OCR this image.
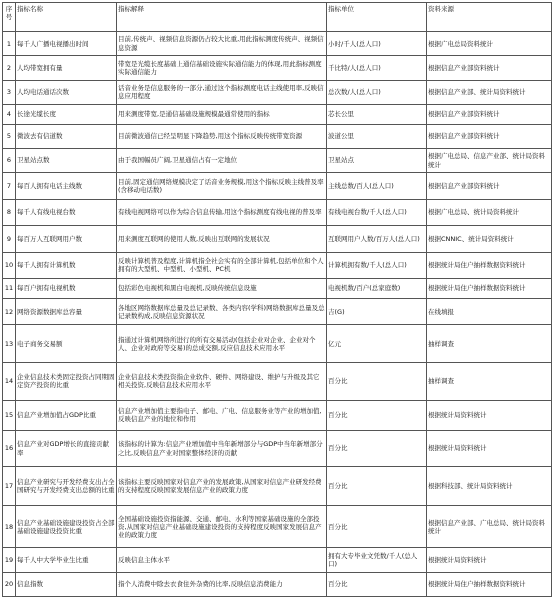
序号	指标名称	指标解释	指标单位	资料来源
1	每千人广播电视播出时间	目前,传统声、视频信息资源仍占较大比重,用此指标测度传统声、视频信息资源	小时/千人(总人口)	根据广电总局资料统计
2	人均带宽拥有量	带宽是光缆长度基础上通信基础设施实际通信能力的体现,用此指标测度实际通信能力	千比特/人(总人口)	根据信息产业部资料统计
3	人均电话通话次数	话音业务是信息服务的一部分,通过这个指标测度电话主线使用率,反映信息应用程度	总次数/人(总人口)	根据信息产业部、统计局资料统计
4	长途光缆长度	用来测度带宽,是通信基础设施规模最通常使用的指标	芯长公里	根据信息产业部资料统计
5	微波去有信道数	目前微波通信已经呈明显下降趋势,用这个指标反映传统带宽资源	波道公里	根据信息产业部资料统计
6	卫星站点数	由于我国幅员广阔,卫星通信占有一定地位	卫星站点	根据广电总局、信息产业部、统计局资料统计
7	每百人拥有电话主线数	目前,固定通信网络规模决定了话音业务规模,用这个指标反映主线普及率(含移动电话数)	主线总数/百人(总人口)	根据信息产业部资料统计
8	每千人有线电视台数	有线电视网络可以作为综合信息传输,用这个指标测度有线电视的普及率	有线电视台数/千人(总人口)	根据广电总局、统计局资料统计
9	每百万人互联网用户数	用来测度互联网的使用人数,反映出互联网的发展状况	互联网用户人数/百万人(总人口)	根据CNNIC、统计局资料统计
10	每千人拥有计算机数	反映计算机普及程度,计算机指全社会实有的全部计算机,包括单位和个人拥有的大型机、中型机、小型机、PC机	计算机拥有数/千人(总人口)	根据统计局住户抽样数据资料统计
11	每百户拥有电视机数	包括彩色电视机和黑白电视机,反映传统信息设施	电视机数/百户(总家庭数)	根据统计局住户抽样数据资料统计
12	网络资源数据库总容量	各地区网络数据库总量及总记录数、各类内容(学科)网络数据库总量及总记录数构成,反映信息资源状况	吉(G)	在线填报
13	电子商务交易额	指通过计算机网络所进行的所有交易活动(包括企业对企业、企业对个人、企业对政府等交易)的总成交额,反应信息技术应用水平	亿元	抽样调查
14	企业信息技术类固定投资占同期固定资产投资的比重	企业信息技术类投资指企业软件、硬件、网络建设、维护与升级及其它相关投资,反映信息技术应用水平	百分比	抽样调查
15	信息产业增加值占GDP比重	信息产业增加值主要指电子、邮电、广电、信息服务业等产业的增加值,反映信息产业的地位和作用	百分比	根据统计局资料统计
16	信息产业对GDP增长的直接贡献率	该指标的计算为:信息产业增加值中当年新增部分与GDP中当年新增部分之比,反映信息产业对国家整体经济的贡献	百分比	根据统计局资料统计
17	信息产业研究与开发经费支出占全国研究与开发经费支出总额的比重	该指标主要反映国家对信息产业的发展政策,从国家对信息产业研发经费的支持程度反映国家发展信息产业的政策力度	百分比	根据科技部、统计局资料统计
18	信息产业基础设施建设投资占全部基础设施建设投资比重	全国基础设施投资指能源、交通、邮电、水利等国家基础设施的全部投资,从国家对信息产业基础设施建设投资的支持程度反映国家发展信息产业的政策力度	百分比	根据信息产业部、广电总局、统计局资料统计
19	每千人中大学毕业生比重	反映信息主体水平	拥有大专毕业文凭数/千人(总人口)	根据统计局资料统计
20	信息指数	指个人消费中除去衣食住外杂费的比率,反映信息消费能力	百分比	根据统计局住户抽样数据资料统计
